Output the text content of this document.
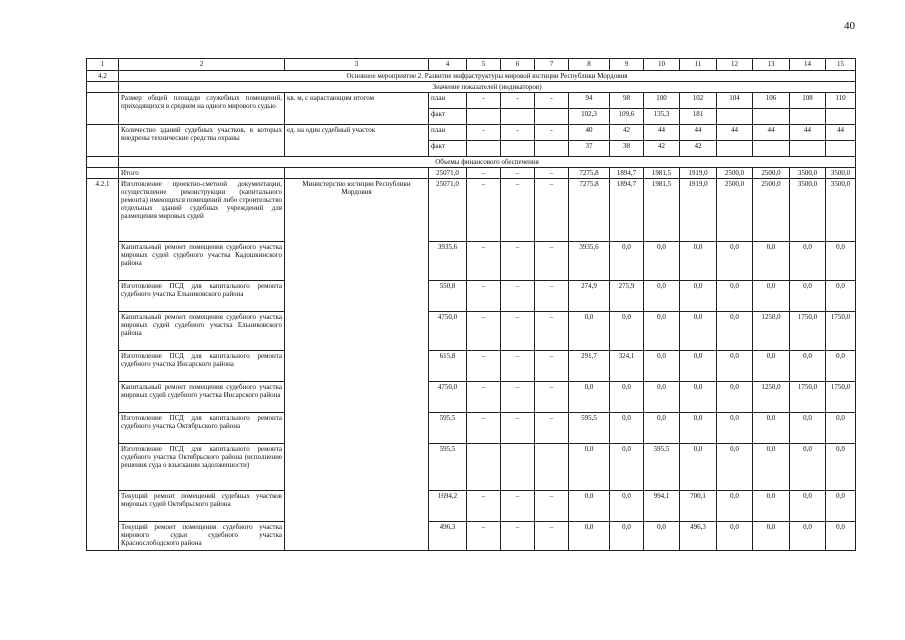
40
1	2	3	4	5	6	7	8	9	10	11	12	13	14	15
4.2	Основное мероприятие 2. Развитие инфраструктуры мировой юстиции Республики Мордовия													
	Значение показателей (индикаторов)													
	Размер общей площади служебных помещений, приходящихся в среднем на одного мирового судью	кв. м, с нарастающим итогом	план	-	-	-	94	98	100	102	104	106	108	110
			факт				102,3	109,6	135,3	181				
	Количество зданий судебных участков, в которых внедрены технические средства охраны	ед. на один судебный участок	план	-	-	-	40	42	44	44	44	44	44	44
			факт				37	38	42	42				
	Объемы финансового обеспечения													
	Итого		25071,0	–	–	–	7275,8	1894,7	1981,5	1919,0	2500,0	2500,0	3500,0	3500,0
4.2.1	Изготовление проектно-сметной документации, осуществление реконструкции (капитального ремонта) имеющихся помещений либо строительство отдельных зданий судебных учреждений для размещения мировых судей	Министерство юстиции Республики Мордовия	25071,0	–	–	–	7275,8	1894,7	1981,5	1919,0	2500,0	2500,0	3500,0	3500,0
	Капитальный ремонт помещения судебного участка мировых судей судебного участка Кадошкинского района		3935,6	–	–	–	3935,6	0,0	0,0	0,0	0,0	0,0	0,0	0,0
	Изготовление ПСД для капитального ремонта судебного участка Ельниковского района		550,8	–	–	–	274,9	275,9	0,0	0,0	0,0	0,0	0,0	0,0
	Капитальный ремонт помещения судебного участка мировых судей судебного участка Ельниковского района		4750,0	–	–	–	0,0	0,0	0,0	0,0	0,0	1250,0	1750,0	1750,0
	Изготовление ПСД для капитального ремонта судебного участка Инсарского района		615,8	–	–	–	291,7	324,1	0,0	0,0	0,0	0,0	0,0	0,0
	Капитальный ремонт помещения судебного участка мировых судей судебного участка Инсарского района		4750,0	–	–	–	0,0	0,0	0,0	0,0	0,0	1250,0	1750,0	1750,0
	Изготовление ПСД для капитального ремонта судебного участка Октябрьского района		595,5	–	–	–	595,5	0,0	0,0	0,0	0,0	0,0	0,0	0,0
	Изготовление ПСД для капитального ремонта судебного участка Октябрьского района (исполнение решения суда о взыскании задолженности)		595,5				0,0	0,0	595,5	0,0	0,0	0,0	0,0	0,0
	Текущий ремонт помещений судебных участков мировых судей Октябрьского района		1694,2	–	–	–	0,0	0,0	994,1	700,1	0,0	0,0	0,0	0,0
	Текущий ремонт помещения судебного участка мирового судьи судебного участка Краснослободского района		496,3	–	–	–	0,0	0,0	0,0	496,3	0,0	0,0	0,0	0,0
